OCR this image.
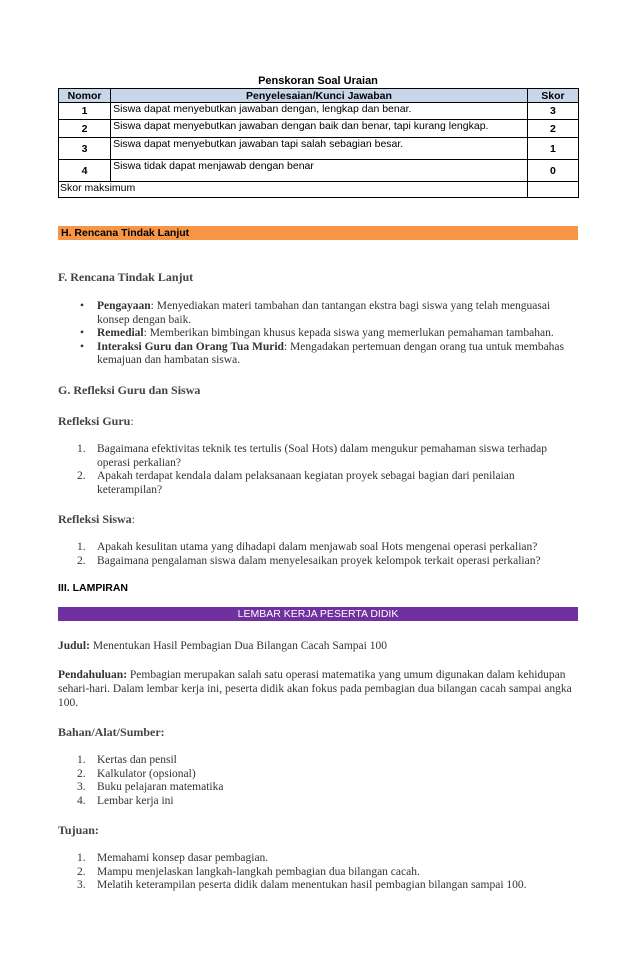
Penskoran Soal Uraian
Nomor	Penyelesaian/Kunci Jawaban	Skor
1	Siswa dapat menyebutkan jawaban dengan, lengkap dan benar.	3
2	Siswa dapat menyebutkan jawaban dengan baik dan benar, tapi kurang lengkap.	2
3	Siswa dapat menyebutkan jawaban tapi salah sebagian besar.	1
4	Siswa tidak dapat menjawab dengan benar	0
Skor maksimum		
H. Rencana Tindak Lanjut
F. Rencana Tindak Lanjut
• Pengayaan: Menyediakan materi tambahan dan tantangan ekstra bagi siswa yang telah menguasai konsep dengan baik.
• Remedial: Memberikan bimbingan khusus kepada siswa yang memerlukan pemahaman tambahan.
• Interaksi Guru dan Orang Tua Murid: Mengadakan pertemuan dengan orang tua untuk membahas kemajuan dan hambatan siswa.
G. Refleksi Guru dan Siswa
Refleksi Guru:
1. Bagaimana efektivitas teknik tes tertulis (Soal Hots) dalam mengukur pemahaman siswa terhadap operasi perkalian?
2. Apakah terdapat kendala dalam pelaksanaan kegiatan proyek sebagai bagian dari penilaian keterampilan?
Refleksi Siswa:
1. Apakah kesulitan utama yang dihadapi dalam menjawab soal Hots mengenai operasi perkalian?
2. Bagaimana pengalaman siswa dalam menyelesaikan proyek kelompok terkait operasi perkalian?
III. LAMPIRAN
LEMBAR KERJA PESERTA DIDIK
Judul: Menentukan Hasil Pembagian Dua Bilangan Cacah Sampai 100
Pendahuluan: Pembagian merupakan salah satu operasi matematika yang umum digunakan dalam kehidupan sehari-hari. Dalam lembar kerja ini, peserta didik akan fokus pada pembagian dua bilangan cacah sampai angka 100.
Bahan/Alat/Sumber:
1. Kertas dan pensil
2. Kalkulator (opsional)
3. Buku pelajaran matematika
4. Lembar kerja ini
Tujuan:
1. Memahami konsep dasar pembagian.
2. Mampu menjelaskan langkah-langkah pembagian dua bilangan cacah.
3. Melatih keterampilan peserta didik dalam menentukan hasil pembagian bilangan sampai 100.
